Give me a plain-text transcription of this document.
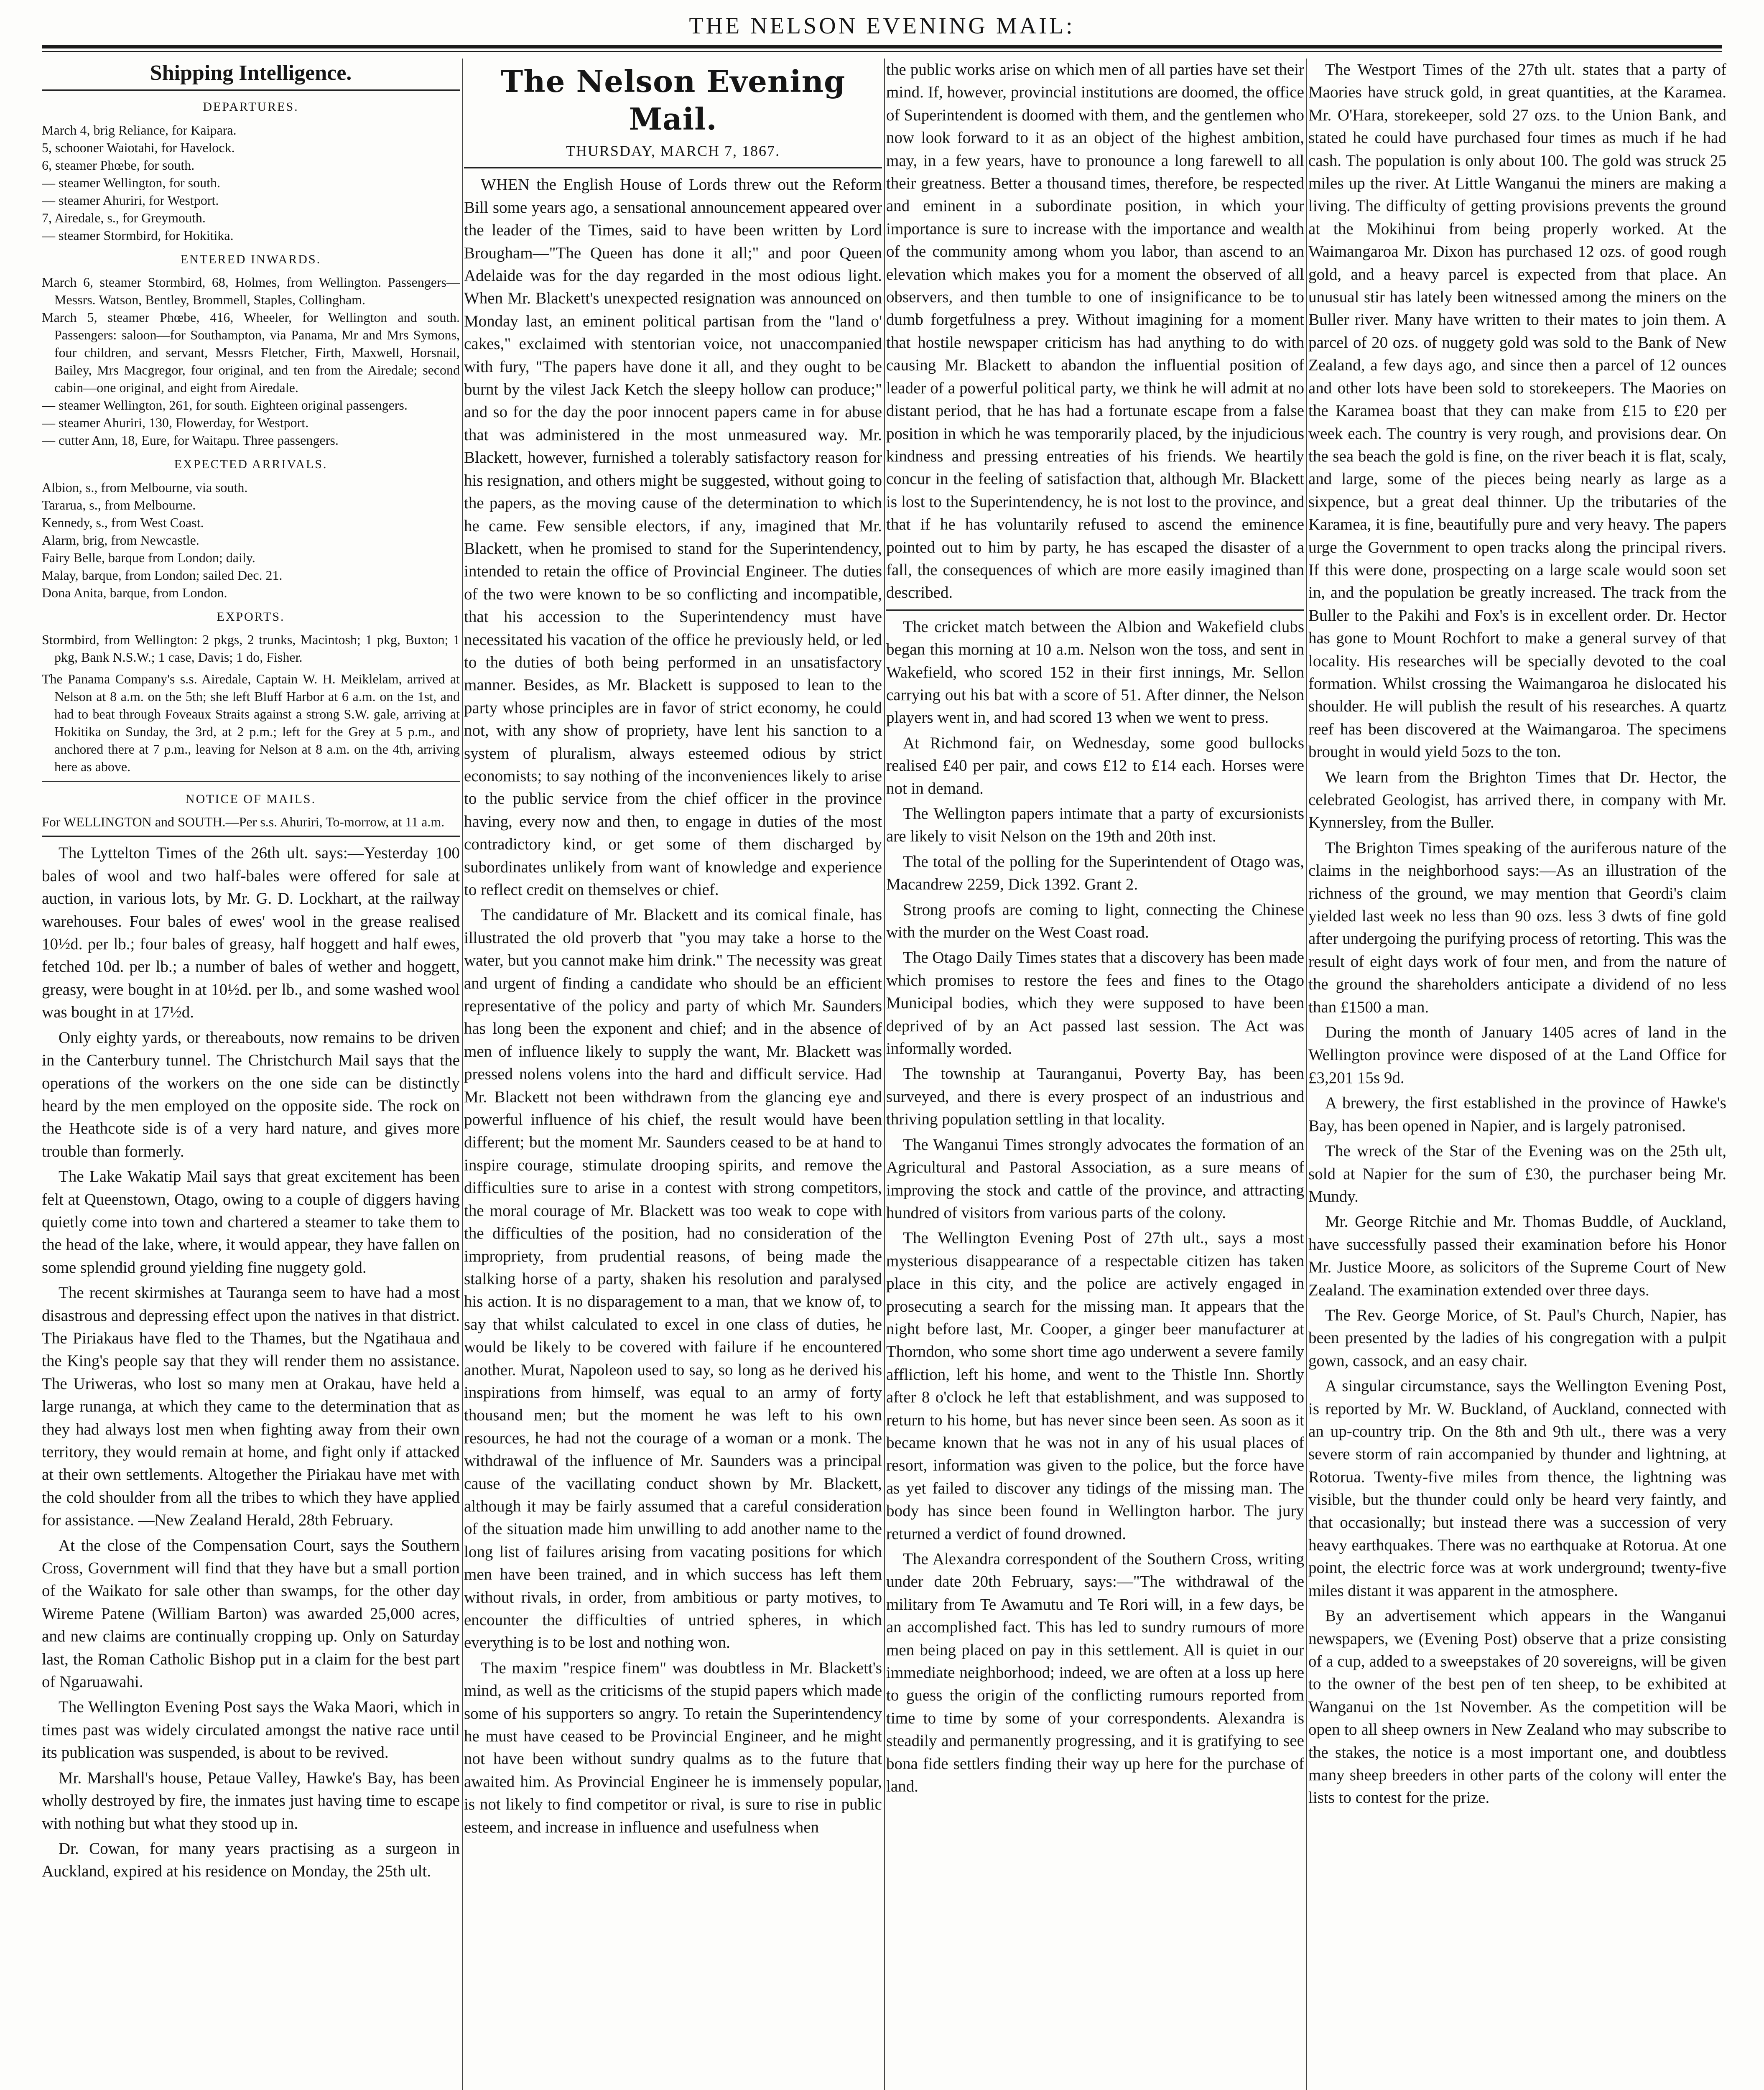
THE NELSON EVENING MAIL:
Shipping Intelligence.
DEPARTURES.

March 4, brig Reliance, for Kaipara.

5, schooner Waiotahi, for Havelock.

6, steamer Phœbe, for south.

— steamer Wellington, for south.

— steamer Ahuriri, for Westport.

7, Airedale, s., for Greymouth.

— steamer Stormbird, for Hokitika.

ENTERED INWARDS.

March 6, steamer Stormbird, 68, Holmes, from Wellington. Passengers—Messrs. Watson, Bentley, Brommell, Staples, Collingham.

March 5, steamer Phœbe, 416, Wheeler, for Wellington and south. Passengers: saloon—for Southampton, via Panama, Mr and Mrs Symons, four children, and servant, Messrs Fletcher, Firth, Maxwell, Horsnail, Bailey, Mrs Macgregor, four original, and ten from the Airedale; second cabin—one original, and eight from Airedale.

— steamer Wellington, 261, for south. Eighteen original passengers.

— steamer Ahuriri, 130, Flowerday, for Westport.

— cutter Ann, 18, Eure, for Waitapu. Three passengers.

EXPECTED ARRIVALS.

Albion, s., from Melbourne, via south.

Tararua, s., from Melbourne.

Kennedy, s., from West Coast.

Alarm, brig, from Newcastle.

Fairy Belle, barque from London; daily.

Malay, barque, from London; sailed Dec. 21.

Dona Anita, barque, from London.

EXPORTS.

Stormbird, from Wellington: 2 pkgs, 2 trunks, Macintosh; 1 pkg, Buxton; 1 pkg, Bank N.S.W.; 1 case, Davis; 1 do, Fisher.

The Panama Company's s.s. Airedale, Captain W. H. Meiklelam, arrived at Nelson at 8 a.m. on the 5th; she left Bluff Harbor at 6 a.m. on the 1st, and had to beat through Foveaux Straits against a strong S.W. gale, arriving at Hokitika on Sunday, the 3rd, at 2 p.m.; left for the Grey at 5 p.m., and anchored there at 7 p.m., leaving for Nelson at 8 a.m. on the 4th, arriving here as above.

NOTICE OF MAILS.

For WELLINGTON and SOUTH.—Per s.s. Ahuriri, To-morrow, at 11 a.m.

The Lyttelton Times of the 26th ult. says:—Yesterday 100 bales of wool and two half-bales were offered for sale at auction, in various lots, by Mr. G. D. Lockhart, at the railway warehouses. Four bales of ewes' wool in the grease realised 10½d. per lb.; four bales of greasy, half hoggett and half ewes, fetched 10d. per lb.; a number of bales of wether and hoggett, greasy, were bought in at 10½d. per lb., and some washed wool was bought in at 17½d.

Only eighty yards, or thereabouts, now remains to be driven in the Canterbury tunnel. The Christchurch Mail says that the operations of the workers on the one side can be distinctly heard by the men employed on the opposite side. The rock on the Heathcote side is of a very hard nature, and gives more trouble than formerly.

The Lake Wakatip Mail says that great excitement has been felt at Queenstown, Otago, owing to a couple of diggers having quietly come into town and chartered a steamer to take them to the head of the lake, where, it would appear, they have fallen on some splendid ground yielding fine nuggety gold.

The recent skirmishes at Tauranga seem to have had a most disastrous and depressing effect upon the natives in that district. The Piriakaus have fled to the Thames, but the Ngatihaua and the King's people say that they will render them no assistance. The Uriweras, who lost so many men at Orakau, have held a large runanga, at which they came to the determination that as they had always lost men when fighting away from their own territory, they would remain at home, and fight only if attacked at their own settlements. Altogether the Piriakau have met with the cold shoulder from all the tribes to which they have applied for assistance. —New Zealand Herald, 28th February.

At the close of the Compensation Court, says the Southern Cross, Government will find that they have but a small portion of the Waikato for sale other than swamps, for the other day Wireme Patene (William Barton) was awarded 25,000 acres, and new claims are continually cropping up. Only on Saturday last, the Roman Catholic Bishop put in a claim for the best part of Ngaruawahi.

The Wellington Evening Post says the Waka Maori, which in times past was widely circulated amongst the native race until its publication was suspended, is about to be revived.

Mr. Marshall's house, Petaue Valley, Hawke's Bay, has been wholly destroyed by fire, the inmates just having time to escape with nothing but what they stood up in.

Dr. Cowan, for many years practising as a surgeon in Auckland, expired at his residence on Monday, the 25th ult.

The Nelson Evening Mail.
THURSDAY, MARCH 7, 1867.

WHEN the English House of Lords threw out the Reform Bill some years ago, a sensational announcement appeared over the leader of the Times, said to have been written by Lord Brougham—"The Queen has done it all;" and poor Queen Adelaide was for the day regarded in the most odious light. When Mr. Blackett's unexpected resignation was announced on Monday last, an eminent political partisan from the "land o' cakes," exclaimed with stentorian voice, not unaccompanied with fury, "The papers have done it all, and they ought to be burnt by the vilest Jack Ketch the sleepy hollow can produce;" and so for the day the poor innocent papers came in for abuse that was administered in the most unmeasured way. Mr. Blackett, however, furnished a tolerably satisfactory reason for his resignation, and others might be suggested, without going to the papers, as the moving cause of the determination to which he came. Few sensible electors, if any, imagined that Mr. Blackett, when he promised to stand for the Superintendency, intended to retain the office of Provincial Engineer. The duties of the two were known to be so conflicting and incompatible, that his accession to the Superintendency must have necessitated his vacation of the office he previously held, or led to the duties of both being performed in an unsatisfactory manner. Besides, as Mr. Blackett is supposed to lean to the party whose principles are in favor of strict economy, he could not, with any show of propriety, have lent his sanction to a system of pluralism, always esteemed odious by strict economists; to say nothing of the inconveniences likely to arise to the public service from the chief officer in the province having, every now and then, to engage in duties of the most contradictory kind, or get some of them discharged by subordinates unlikely from want of knowledge and experience to reflect credit on themselves or chief.

The candidature of Mr. Blackett and its comical finale, has illustrated the old proverb that "you may take a horse to the water, but you cannot make him drink." The necessity was great and urgent of finding a candidate who should be an efficient representative of the policy and party of which Mr. Saunders has long been the exponent and chief; and in the absence of men of influence likely to supply the want, Mr. Blackett was pressed nolens volens into the hard and difficult service. Had Mr. Blackett not been withdrawn from the glancing eye and powerful influence of his chief, the result would have been different; but the moment Mr. Saunders ceased to be at hand to inspire courage, stimulate drooping spirits, and remove the difficulties sure to arise in a contest with strong competitors, the moral courage of Mr. Blackett was too weak to cope with the difficulties of the position, had no consideration of the impropriety, from prudential reasons, of being made the stalking horse of a party, shaken his resolution and paralysed his action. It is no disparagement to a man, that we know of, to say that whilst calculated to excel in one class of duties, he would be likely to be covered with failure if he encountered another. Murat, Napoleon used to say, so long as he derived his inspirations from himself, was equal to an army of forty thousand men; but the moment he was left to his own resources, he had not the courage of a woman or a monk. The withdrawal of the influence of Mr. Saunders was a principal cause of the vacillating conduct shown by Mr. Blackett, although it may be fairly assumed that a careful consideration of the situation made him unwilling to add another name to the long list of failures arising from vacating positions for which men have been trained, and in which success has left them without rivals, in order, from ambitious or party motives, to encounter the difficulties of untried spheres, in which everything is to be lost and nothing won.

The maxim "respice finem" was doubtless in Mr. Blackett's mind, as well as the criticisms of the stupid papers which made some of his supporters so angry. To retain the Superintendency he must have ceased to be Provincial Engineer, and he might not have been without sundry qualms as to the future that awaited him. As Provincial Engineer he is immensely popular, is not likely to find competitor or rival, is sure to rise in public esteem, and increase in influence and usefulness when

the public works arise on which men of all parties have set their mind. If, however, provincial institutions are doomed, the office of Superintendent is doomed with them, and the gentlemen who now look forward to it as an object of the highest ambition, may, in a few years, have to pronounce a long farewell to all their greatness. Better a thousand times, therefore, be respected and eminent in a subordinate position, in which your importance is sure to increase with the importance and wealth of the community among whom you labor, than ascend to an elevation which makes you for a moment the observed of all observers, and then tumble to one of insignificance to be to dumb forgetfulness a prey. Without imagining for a moment that hostile newspaper criticism has had anything to do with causing Mr. Blackett to abandon the influential position of leader of a powerful political party, we think he will admit at no distant period, that he has had a fortunate escape from a false position in which he was temporarily placed, by the injudicious kindness and pressing entreaties of his friends. We heartily concur in the feeling of satisfaction that, although Mr. Blackett is lost to the Superintendency, he is not lost to the province, and that if he has voluntarily refused to ascend the eminence pointed out to him by party, he has escaped the disaster of a fall, the consequences of which are more easily imagined than described.

The cricket match between the Albion and Wakefield clubs began this morning at 10 a.m. Nelson won the toss, and sent in Wakefield, who scored 152 in their first innings, Mr. Sellon carrying out his bat with a score of 51. After dinner, the Nelson players went in, and had scored 13 when we went to press.

At Richmond fair, on Wednesday, some good bullocks realised £40 per pair, and cows £12 to £14 each. Horses were not in demand.

The Wellington papers intimate that a party of excursionists are likely to visit Nelson on the 19th and 20th inst.

The total of the polling for the Superintendent of Otago was, Macandrew 2259, Dick 1392. Grant 2.

Strong proofs are coming to light, connecting the Chinese with the murder on the West Coast road.

The Otago Daily Times states that a discovery has been made which promises to restore the fees and fines to the Otago Municipal bodies, which they were supposed to have been deprived of by an Act passed last session. The Act was informally worded.

The township at Tauranganui, Poverty Bay, has been surveyed, and there is every prospect of an industrious and thriving population settling in that locality.

The Wanganui Times strongly advocates the formation of an Agricultural and Pastoral Association, as a sure means of improving the stock and cattle of the province, and attracting hundred of visitors from various parts of the colony.

The Wellington Evening Post of 27th ult., says a most mysterious disappearance of a respectable citizen has taken place in this city, and the police are actively engaged in prosecuting a search for the missing man. It appears that the night before last, Mr. Cooper, a ginger beer manufacturer at Thorndon, who some short time ago underwent a severe family affliction, left his home, and went to the Thistle Inn. Shortly after 8 o'clock he left that establishment, and was supposed to return to his home, but has never since been seen. As soon as it became known that he was not in any of his usual places of resort, information was given to the police, but the force have as yet failed to discover any tidings of the missing man. The body has since been found in Wellington harbor. The jury returned a verdict of found drowned.

The Alexandra correspondent of the Southern Cross, writing under date 20th February, says:—"The withdrawal of the military from Te Awamutu and Te Rori will, in a few days, be an accomplished fact. This has led to sundry rumours of more men being placed on pay in this settlement. All is quiet in our immediate neighborhood; indeed, we are often at a loss up here to guess the origin of the conflicting rumours reported from time to time by some of your correspondents. Alexandra is steadily and permanently progressing, and it is gratifying to see bona fide settlers finding their way up here for the purchase of land.

The Westport Times of the 27th ult. states that a party of Maories have struck gold, in great quantities, at the Karamea. Mr. O'Hara, storekeeper, sold 27 ozs. to the Union Bank, and stated he could have purchased four times as much if he had cash. The population is only about 100. The gold was struck 25 miles up the river. At Little Wanganui the miners are making a living. The difficulty of getting provisions prevents the ground at the Mokihinui from being properly worked. At the Waimangaroa Mr. Dixon has purchased 12 ozs. of good rough gold, and a heavy parcel is expected from that place. An unusual stir has lately been witnessed among the miners on the Buller river. Many have written to their mates to join them. A parcel of 20 ozs. of nuggety gold was sold to the Bank of New Zealand, a few days ago, and since then a parcel of 12 ounces and other lots have been sold to storekeepers. The Maories on the Karamea boast that they can make from £15 to £20 per week each. The country is very rough, and provisions dear. On the sea beach the gold is fine, on the river beach it is flat, scaly, and large, some of the pieces being nearly as large as a sixpence, but a great deal thinner. Up the tributaries of the Karamea, it is fine, beautifully pure and very heavy. The papers urge the Government to open tracks along the principal rivers. If this were done, prospecting on a large scale would soon set in, and the population be greatly increased. The track from the Buller to the Pakihi and Fox's is in excellent order. Dr. Hector has gone to Mount Rochfort to make a general survey of that locality. His researches will be specially devoted to the coal formation. Whilst crossing the Waimangaroa he dislocated his shoulder. He will publish the result of his researches. A quartz reef has been discovered at the Waimangaroa. The specimens brought in would yield 5ozs to the ton.

We learn from the Brighton Times that Dr. Hector, the celebrated Geologist, has arrived there, in company with Mr. Kynnersley, from the Buller.

The Brighton Times speaking of the auriferous nature of the claims in the neighborhood says:—As an illustration of the richness of the ground, we may mention that Geordi's claim yielded last week no less than 90 ozs. less 3 dwts of fine gold after undergoing the purifying process of retorting. This was the result of eight days work of four men, and from the nature of the ground the shareholders anticipate a dividend of no less than £1500 a man.

During the month of January 1405 acres of land in the Wellington province were disposed of at the Land Office for £3,201 15s 9d.

A brewery, the first established in the province of Hawke's Bay, has been opened in Napier, and is largely patronised.

The wreck of the Star of the Evening was on the 25th ult, sold at Napier for the sum of £30, the purchaser being Mr. Mundy.

Mr. George Ritchie and Mr. Thomas Buddle, of Auckland, have successfully passed their examination before his Honor Mr. Justice Moore, as solicitors of the Supreme Court of New Zealand. The examination extended over three days.

The Rev. George Morice, of St. Paul's Church, Napier, has been presented by the ladies of his congregation with a pulpit gown, cassock, and an easy chair.

A singular circumstance, says the Wellington Evening Post, is reported by Mr. W. Buckland, of Auckland, connected with an up-country trip. On the 8th and 9th ult., there was a very severe storm of rain accompanied by thunder and lightning, at Rotorua. Twenty-five miles from thence, the lightning was visible, but the thunder could only be heard very faintly, and that occasionally; but instead there was a succession of very heavy earthquakes. There was no earthquake at Rotorua. At one point, the electric force was at work underground; twenty-five miles distant it was apparent in the atmosphere.

By an advertisement which appears in the Wanganui newspapers, we (Evening Post) observe that a prize consisting of a cup, added to a sweepstakes of 20 sovereigns, will be given to the owner of the best pen of ten sheep, to be exhibited at Wanganui on the 1st November. As the competition will be open to all sheep owners in New Zealand who may subscribe to the stakes, the notice is a most important one, and doubtless many sheep breeders in other parts of the colony will enter the lists to contest for the prize.
